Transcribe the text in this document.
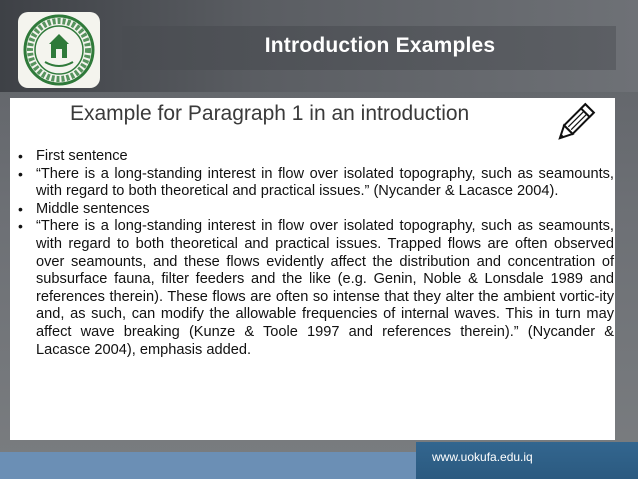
Introduction Examples
Example for Paragraph 1 in an introduction
• First sentence
• “There is a long-standing interest in flow over isolated topography, such as seamounts, with regard to both theoretical and practical issues.” (Nycander & Lacasce 2004).
• Middle sentences
• “There is a long-standing interest in flow over isolated topography, such as seamounts, with regard to both theoretical and practical issues. Trapped flows are often observed over seamounts, and these flows evidently affect the distribution and concentration of subsurface fauna, filter feeders and the like (e.g. Genin, Noble & Lonsdale 1989 and references therein). These flows are often so intense that they alter the ambient vortic-ity and, as such, can modify the allowable frequencies of internal waves. This in turn may affect wave breaking (Kunze & Toole 1997 and references therein).” (Nycander & Lacasce 2004), emphasis added.
www.uokufa.edu.iq
